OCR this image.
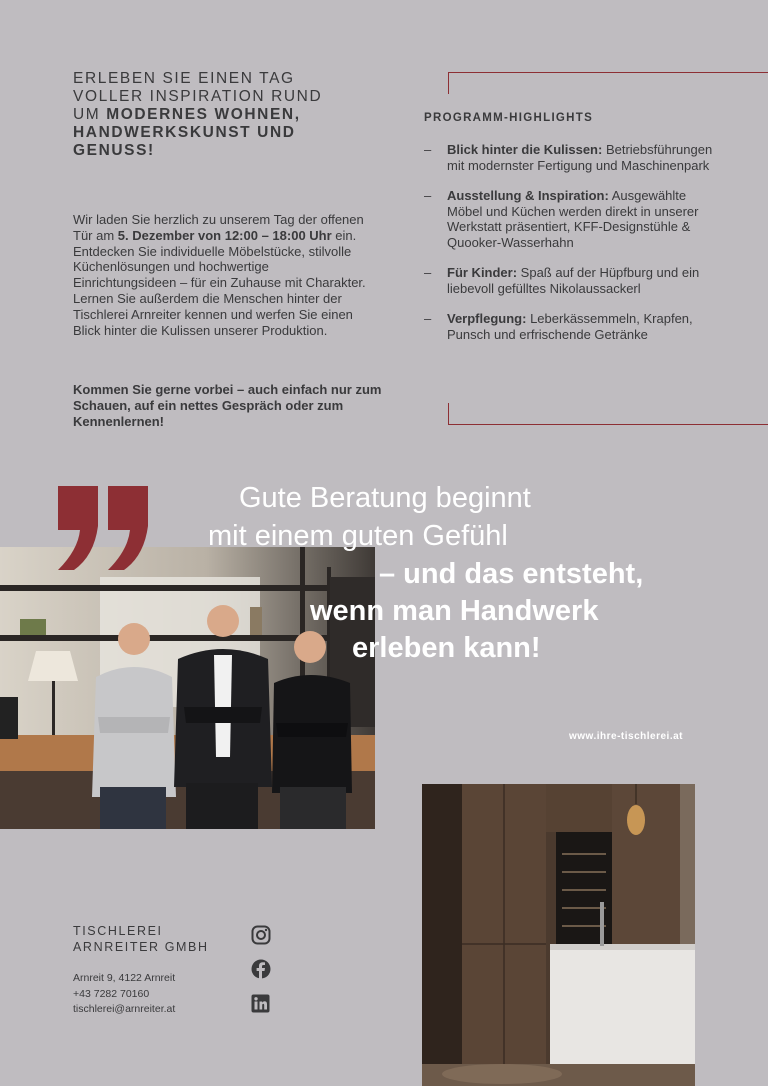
ERLEBEN SIE EINEN TAG VOLLER INSPIRATION RUND UM MODERNES WOHNEN, HANDWERKSKUNST UND GENUSS!
Wir laden Sie herzlich zu unserem Tag der offenen Tür am 5. Dezember von 12:00 – 18:00 Uhr ein. Entdecken Sie individuelle Möbelstücke, stilvolle Küchenlösungen und hochwertige Einrichtungsideen – für ein Zuhause mit Charakter. Lernen Sie außerdem die Menschen hinter der Tischlerei Arnreiter kennen und werfen Sie einen Blick hinter die Kulissen unserer Produktion.
Kommen Sie gerne vorbei – auch einfach nur zum Schauen, auf ein nettes Gespräch oder zum Kennenlernen!
PROGRAMM-HIGHLIGHTS
– Blick hinter die Kulissen: Betriebsführungen mit modernster Fertigung und Maschinenpark
– Ausstellung & Inspiration: Ausgewählte Möbel und Küchen werden direkt in unserer Werkstatt präsentiert, KFF-Designstühle & Quooker-Wasserhahn
– Für Kinder: Spaß auf der Hüpfburg und ein liebevoll gefülltes Nikolaussackerl
– Verpflegung: Leberkässemmeln, Krapfen, Punsch und erfrischende Getränke
Gute Beratung beginnt
mit einem guten Gefühl
– und das entsteht,
wenn man Handwerk
erleben kann!
www.ihre-tischlerei.at
TISCHLEREI
ARNREITER GMBH
Arnreit 9, 4122 Arnreit
+43 7282 70160
tischlerei@arnreiter.at
